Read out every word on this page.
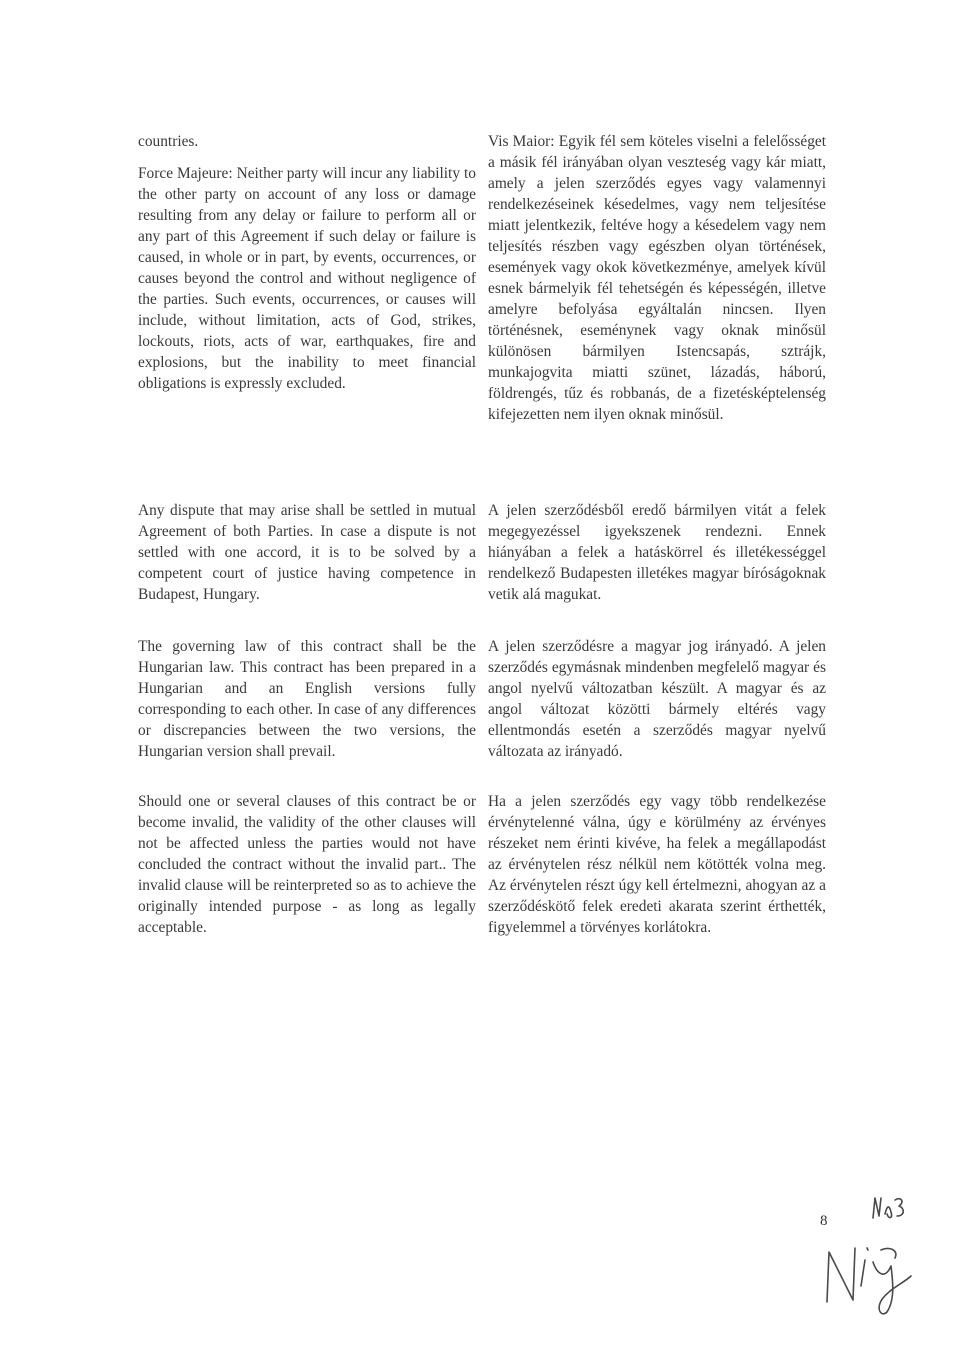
countries.

Force Majeure: Neither party will incur any liability to the other party on account of any loss or damage resulting from any delay or failure to perform all or any part of this Agreement if such delay or failure is caused, in whole or in part, by events, occurrences, or causes beyond the control and without negligence of the parties. Such events, occurrences, or causes will include, without limitation, acts of God, strikes, lockouts, riots, acts of war, earthquakes, fire and explosions, but the inability to meet financial obligations is expressly excluded.

Any dispute that may arise shall be settled in mutual Agreement of both Parties. In case a dispute is not settled with one accord, it is to be solved by a competent court of justice having competence in Budapest, Hungary.

The governing law of this contract shall be the Hungarian law. This contract has been prepared in a Hungarian and an English versions fully corresponding to each other. In case of any differences or discrepancies between the two versions, the Hungarian version shall prevail.

Should one or several clauses of this contract be or become invalid, the validity of the other clauses will not be affected unless the parties would not have concluded the contract without the invalid part.. The invalid clause will be reinterpreted so as to achieve the originally intended purpose - as long as legally acceptable.

Vis Maior: Egyik fél sem köteles viselni a felelősséget a másik fél irányában olyan veszteség vagy kár miatt, amely a jelen szerződés egyes vagy valamennyi rendelkezéseinek késedelmes, vagy nem teljesítése miatt jelentkezik, feltéve hogy a késedelem vagy nem teljesítés részben vagy egészben olyan történések, események vagy okok következménye, amelyek kívül esnek bármelyik fél tehetségén és képességén, illetve amelyre befolyása egyáltalán nincsen. Ilyen történésnek, eseménynek vagy oknak minősül különösen bármilyen Istencsapás, sztrájk, munkajogvita miatti szünet, lázadás, háború, földrengés, tűz és robbanás, de a fizetésképtelenség kifejezetten nem ilyen oknak minősül.

A jelen szerződésből eredő bármilyen vitát a felek megegyezéssel igyekszenek rendezni. Ennek hiányában a felek a hatáskörrel és illetékességgel rendelkező Budapesten illetékes magyar bíróságoknak vetik alá magukat.

A jelen szerződésre a magyar jog irányadó. A jelen szerződés egymásnak mindenben megfelelő magyar és angol nyelvű változatban készült. A magyar és az angol változat közötti bármely eltérés vagy ellentmondás esetén a szerződés magyar nyelvű változata az irányadó.

Ha a jelen szerződés egy vagy több rendelkezése érvénytelenné válna, úgy e körülmény az érvényes részeket nem érinti kivéve, ha felek a megállapodást az érvénytelen rész nélkül nem kötötték volna meg. Az érvénytelen részt úgy kell értelmezni, ahogyan az a szerződéskötő felek eredeti akarata szerint érthették, figyelemmel a törvényes korlátokra.

8
